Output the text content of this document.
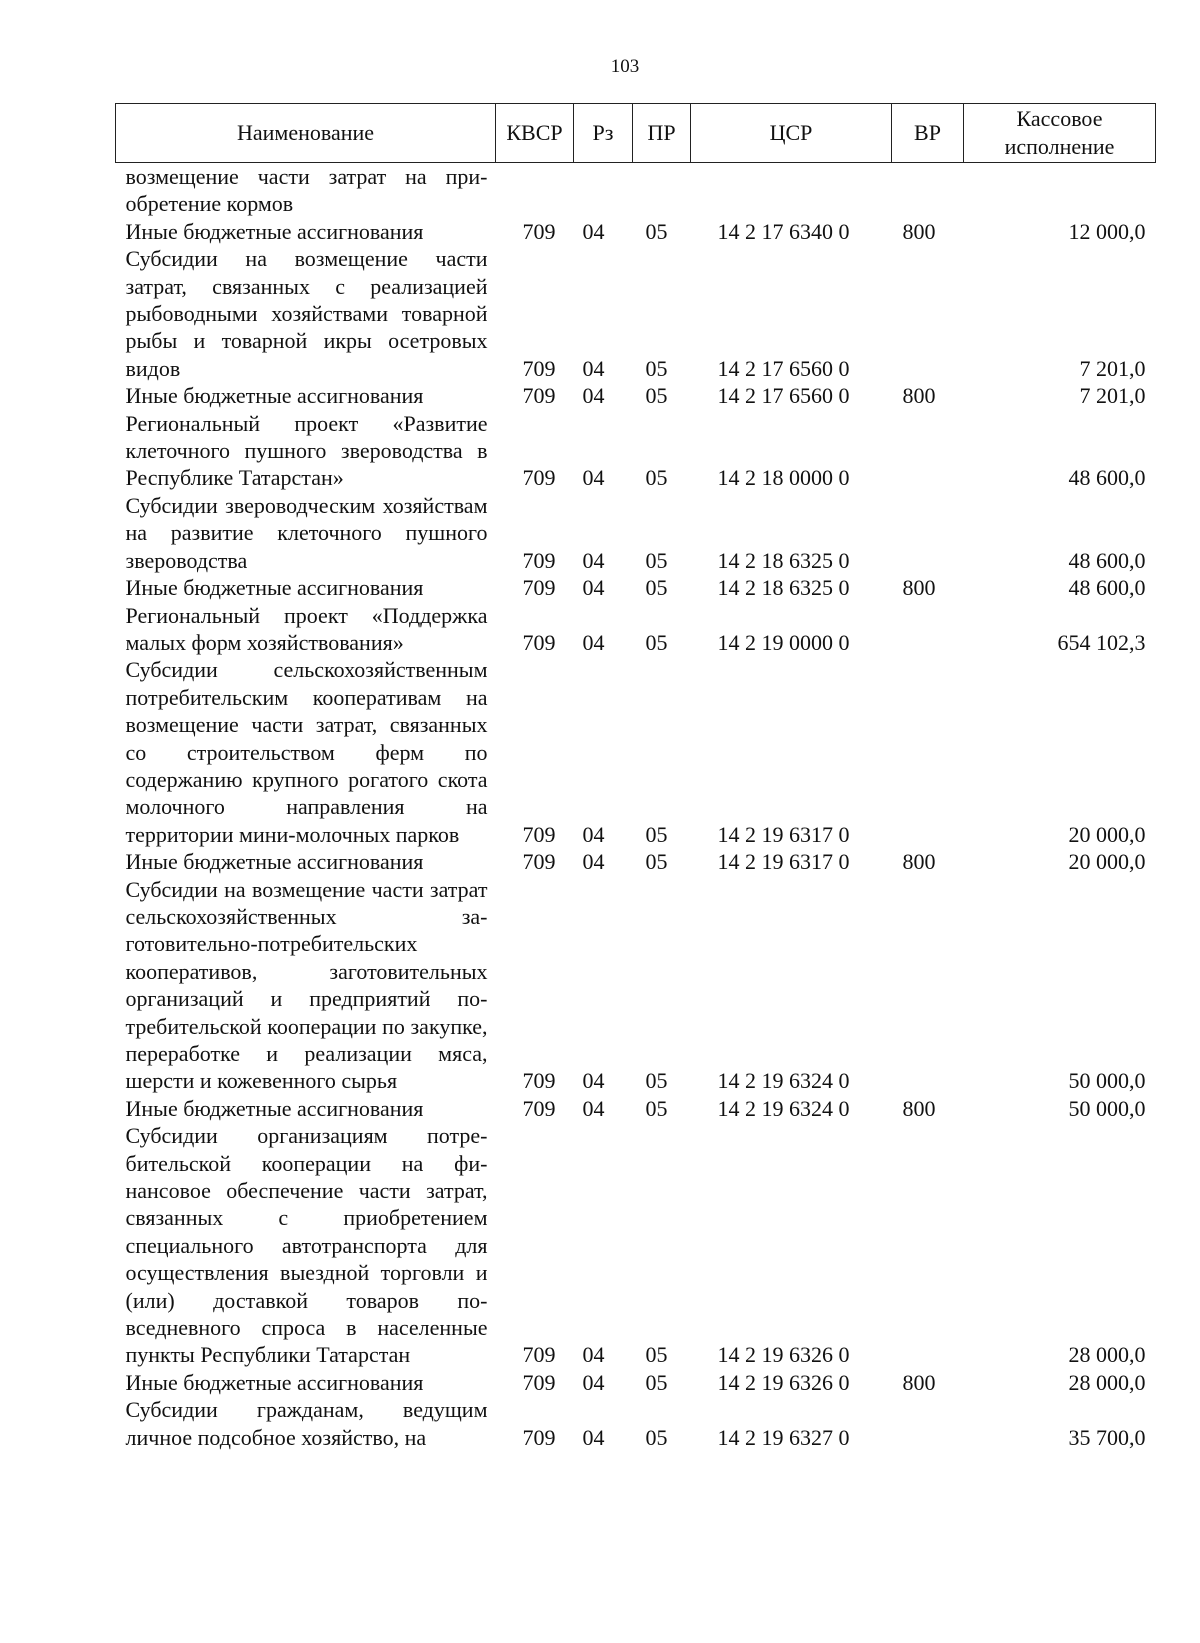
103
Наименование	КВСР	Рз	ПР	ЦСР	ВР	Кассовое исполнение
возмещение части затрат на приобретение кормов						
Иные бюджетные ассигнования	709	04	05	14 2 17 6340 0	800	12 000,0
Субсидии на возмещение части затрат, связанных с реализацией рыбоводными хозяйствами товарной рыбы и товарной икры осетровых видов	709	04	05	14 2 17 6560 0		7 201,0
Иные бюджетные ассигнования	709	04	05	14 2 17 6560 0	800	7 201,0
Региональный проект «Развитие клеточного пушного звероводства в Республике Татарстан»	709	04	05	14 2 18 0000 0		48 600,0
Субсидии звероводческим хозяйствам на развитие клеточного пушного звероводства	709	04	05	14 2 18 6325 0		48 600,0
Иные бюджетные ассигнования	709	04	05	14 2 18 6325 0	800	48 600,0
Региональный проект «Поддержка малых форм хозяйствования»	709	04	05	14 2 19 0000 0		654 102,3
Субсидии сельскохозяйственным потребительским кооперативам на возмещение части затрат, связанных со строительством ферм по содержанию крупного рогатого скота молочного направления на территории мини-молочных парков	709	04	05	14 2 19 6317 0		20 000,0
Иные бюджетные ассигнования	709	04	05	14 2 19 6317 0	800	20 000,0
Субсидии на возмещение части затрат сельскохозяйственных заготовительно-потребительских кооперативов, заготовительных организаций и предприятий потребительской кооперации по закупке, переработке и реализации мяса, шерсти и кожевенного сырья	709	04	05	14 2 19 6324 0		50 000,0
Иные бюджетные ассигнования	709	04	05	14 2 19 6324 0	800	50 000,0
Субсидии организациям потребительской кооперации на финансовое обеспечение части затрат, связанных с приобретением специального автотранспорта для осуществления выездной торговли и (или) доставкой товаров повседневного спроса в населенные пункты Республики Татарстан	709	04	05	14 2 19 6326 0		28 000,0
Иные бюджетные ассигнования	709	04	05	14 2 19 6326 0	800	28 000,0
Субсидии гражданам, ведущим личное подсобное хозяйство, на	709	04	05	14 2 19 6327 0		35 700,0
